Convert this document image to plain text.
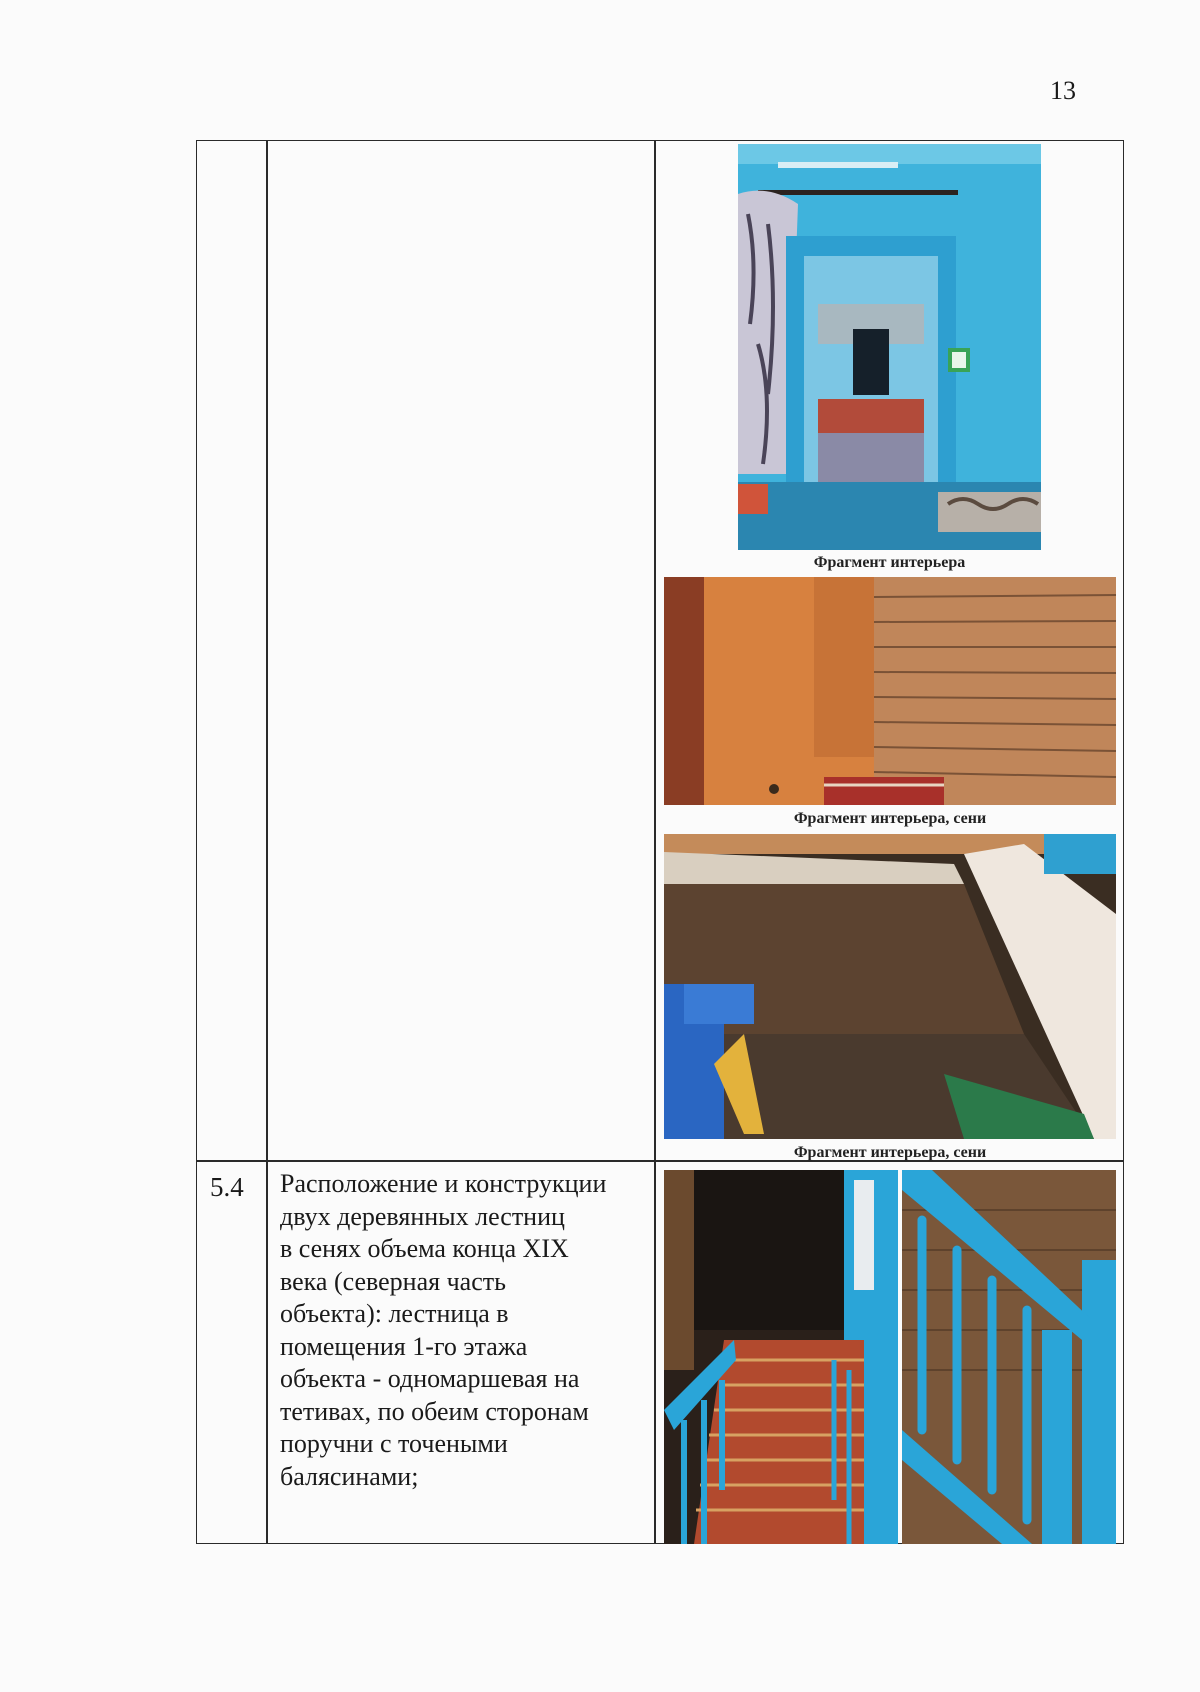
13
Фрагмент интерьера
Фрагмент интерьера, сени
Фрагмент интерьера, сени
5.4 Расположение и конструкции
двух деревянных лестниц
в сенях объема конца XIX
века (северная часть
объекта): лестница в
помещения 1-го этажа
объекта - одномаршевая на
тетивах, по обеим сторонам
поручни с точеными
балясинами;
